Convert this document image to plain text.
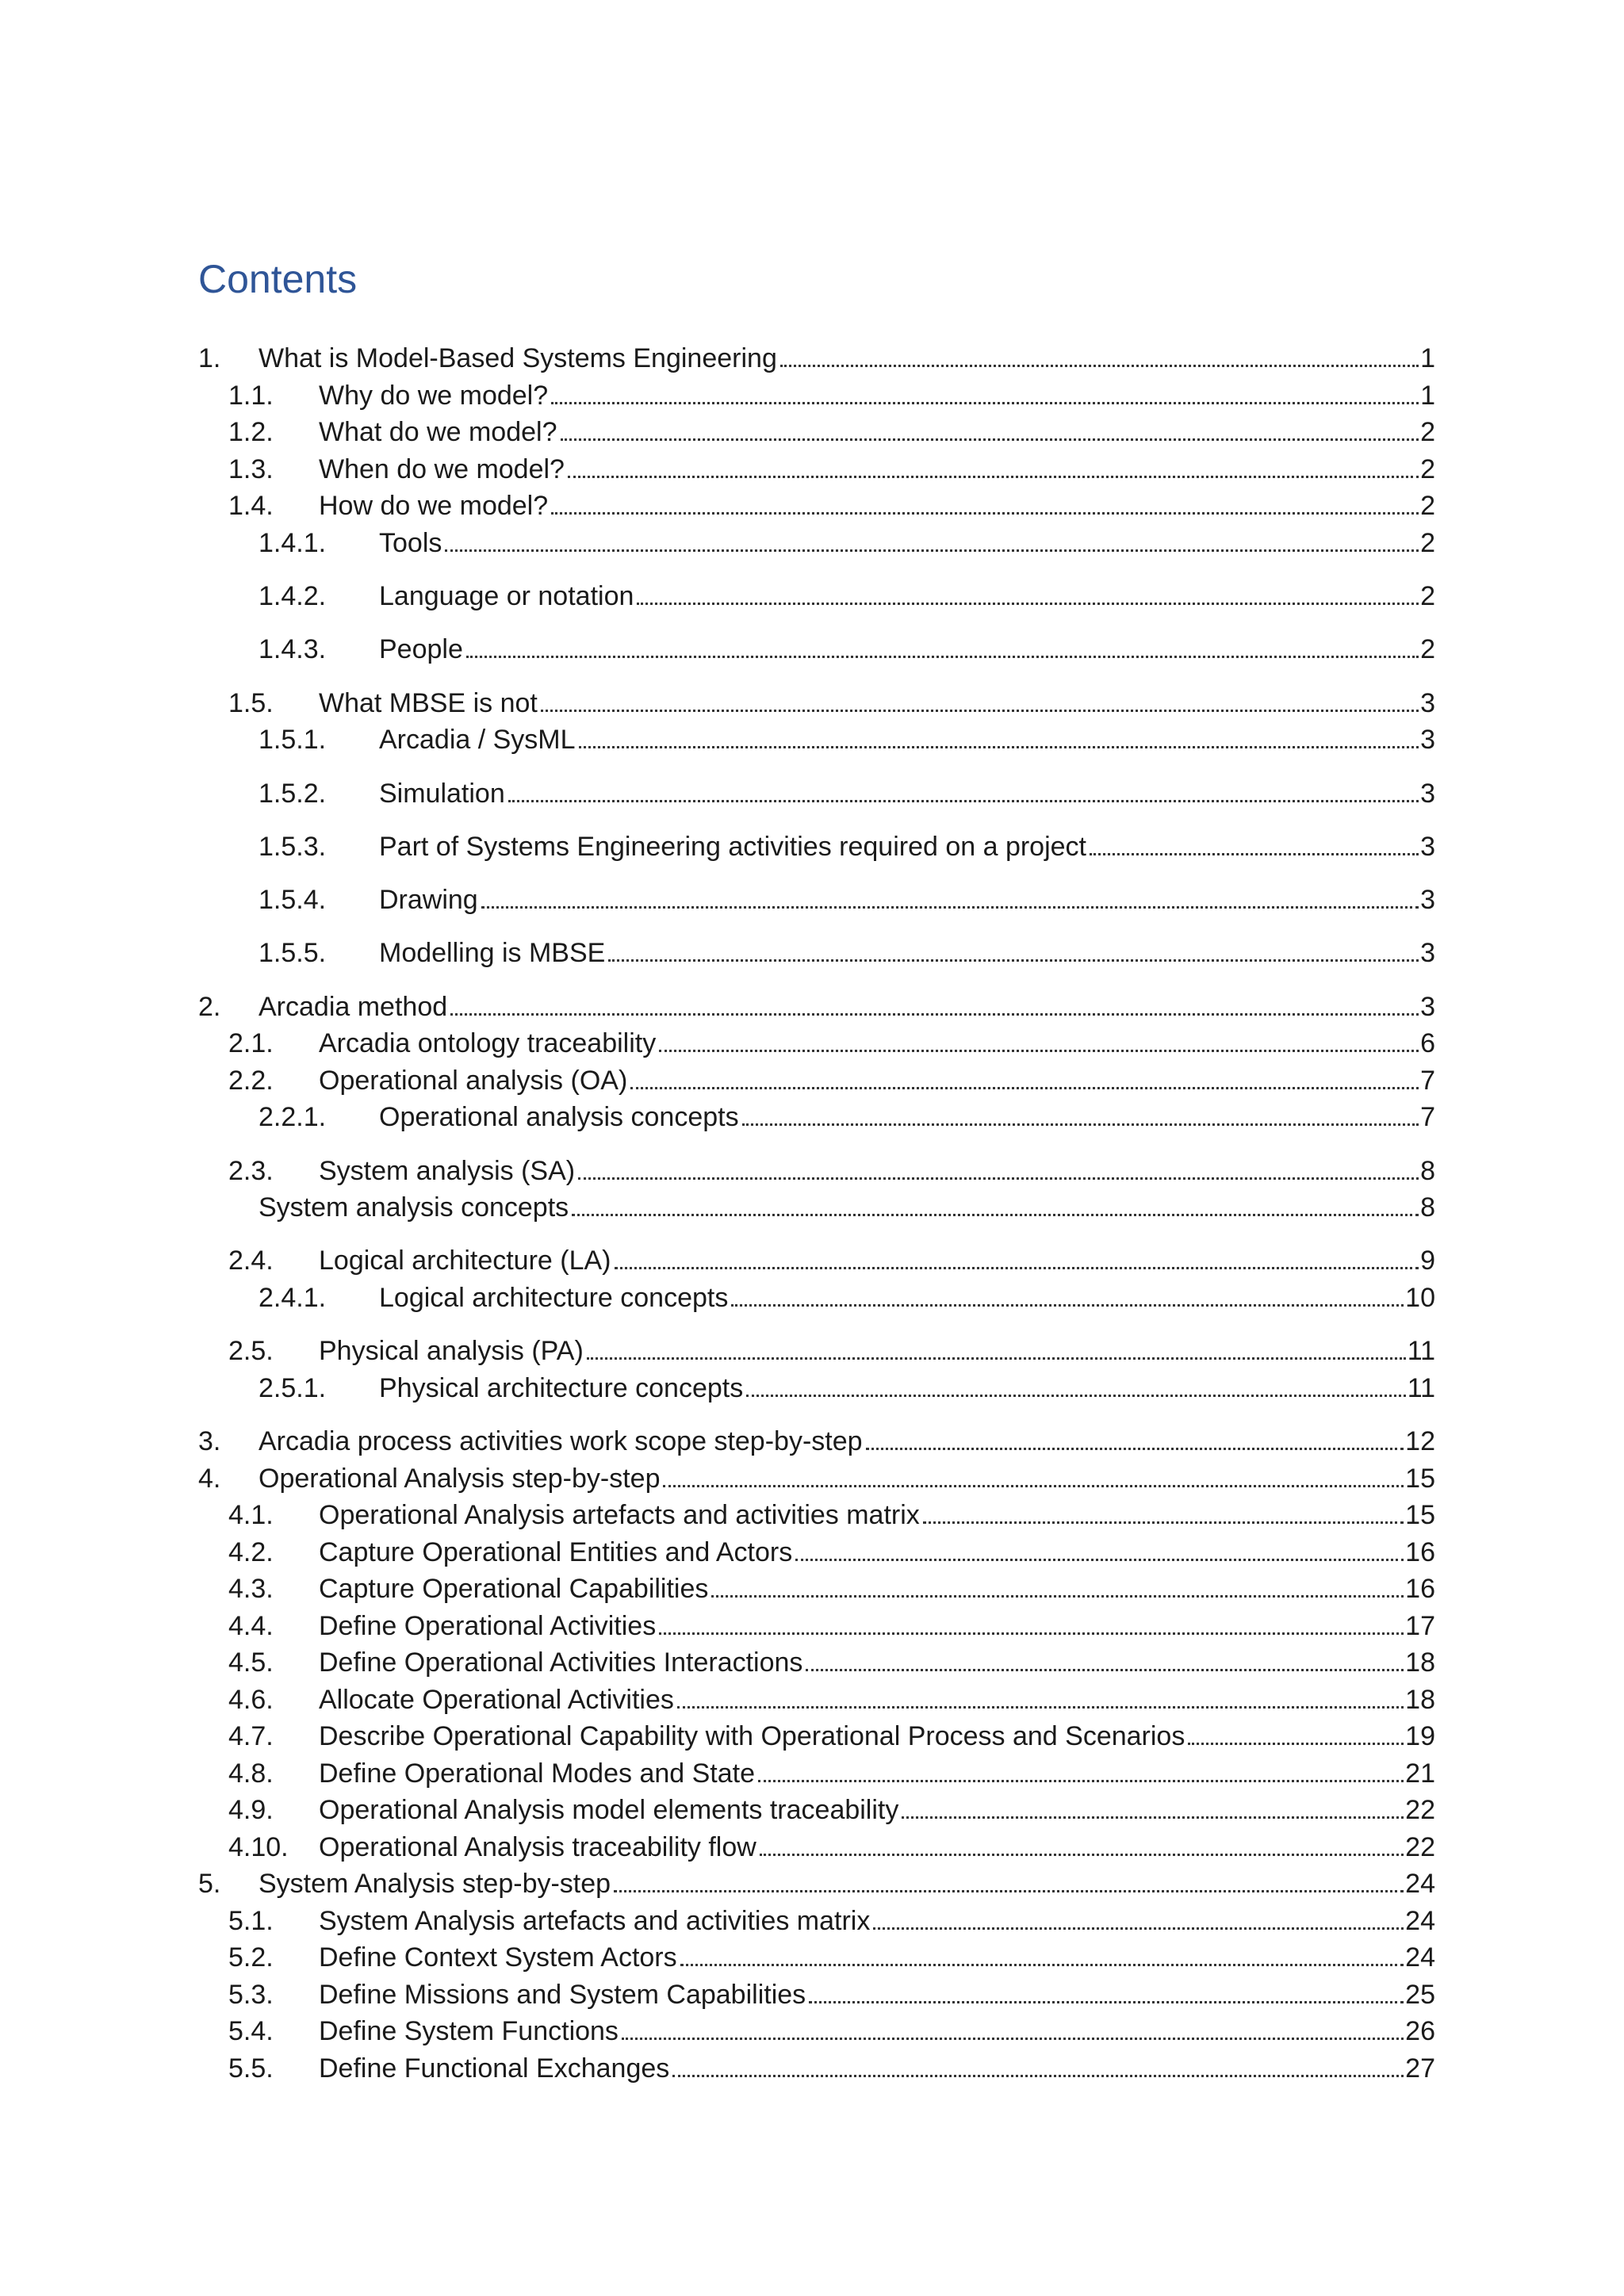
Contents
1.	What is Model-Based Systems Engineering	1
1.1.	Why do we model?	1
1.2.	What do we model?	2
1.3.	When do we model?	2
1.4.	How do we model?	2
1.4.1.	Tools	2
1.4.2.	Language or notation	2
1.4.3.	People	2
1.5.	What MBSE is not	3
1.5.1.	Arcadia / SysML	3
1.5.2.	Simulation	3
1.5.3.	Part of Systems Engineering activities required on a project	3
1.5.4.	Drawing	3
1.5.5.	Modelling is MBSE	3
2.	Arcadia method	3
2.1.	Arcadia ontology traceability	6
2.2.	Operational analysis (OA)	7
2.2.1.	Operational analysis concepts	7
2.3.	System analysis (SA)	8
System analysis concepts	8
2.4.	Logical architecture (LA)	9
2.4.1.	Logical architecture concepts	10
2.5.	Physical analysis (PA)	11
2.5.1.	Physical architecture concepts	11
3.	Arcadia process activities work scope step-by-step	12
4.	Operational Analysis step-by-step	15
4.1.	Operational Analysis artefacts and activities matrix	15
4.2.	Capture Operational Entities and Actors	16
4.3.	Capture Operational Capabilities	16
4.4.	Define Operational Activities	17
4.5.	Define Operational Activities Interactions	18
4.6.	Allocate Operational Activities	18
4.7.	Describe Operational Capability with Operational Process and Scenarios	19
4.8.	Define Operational Modes and State	21
4.9.	Operational Analysis model elements traceability	22
4.10.	Operational Analysis traceability flow	22
5.	System Analysis step-by-step	24
5.1.	System Analysis artefacts and activities matrix	24
5.2.	Define Context System Actors	24
5.3.	Define Missions and System Capabilities	25
5.4.	Define System Functions	26
5.5.	Define Functional Exchanges	27
